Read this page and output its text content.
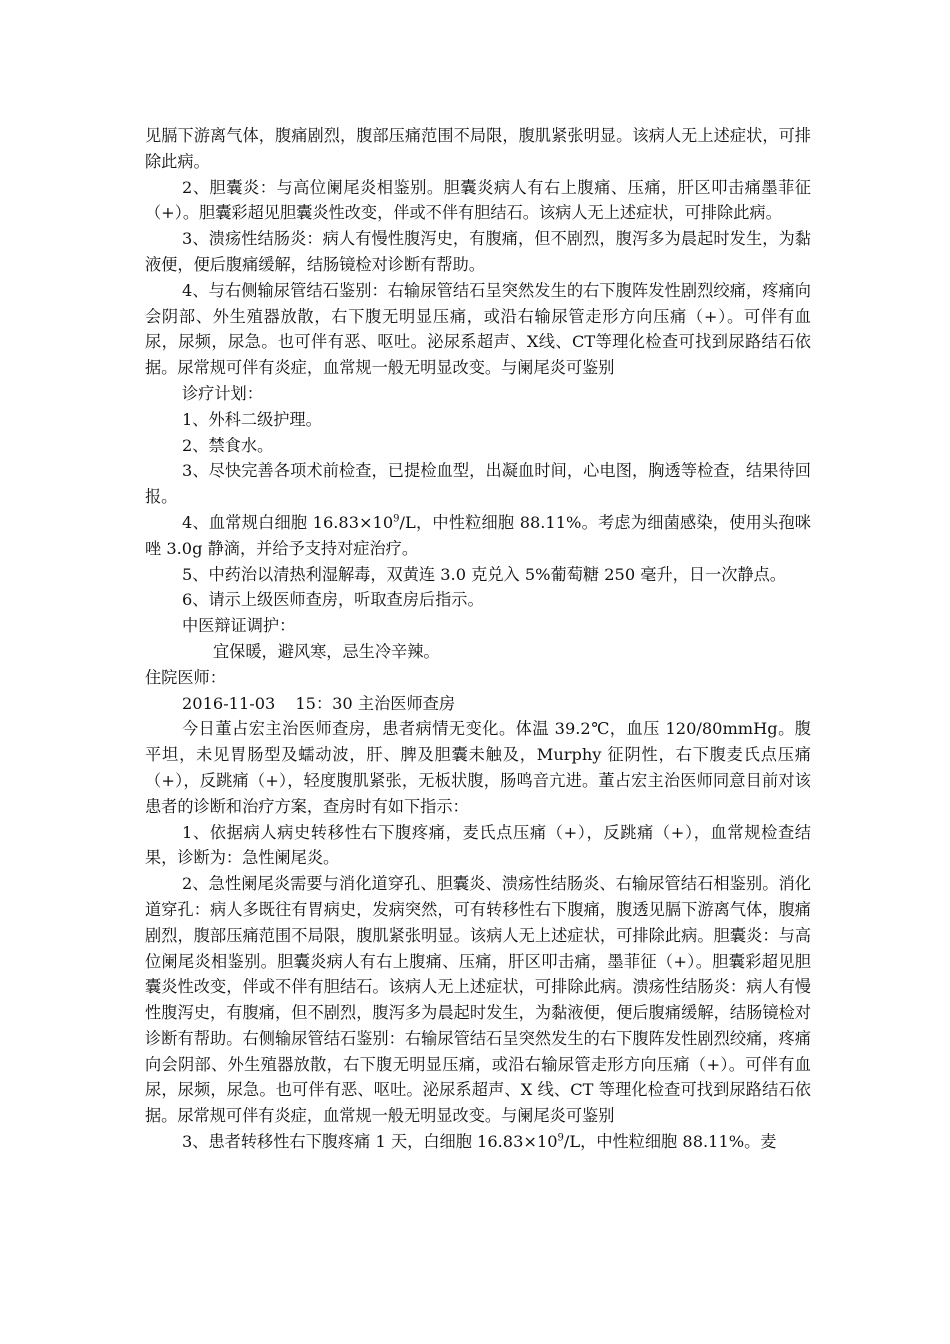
见膈下游离气体，腹痛剧烈，腹部压痛范围不局限，腹肌紧张明显。该病人无上述症状，可排除此病。

2、胆囊炎：与高位阑尾炎相鉴别。胆囊炎病人有右上腹痛、压痛，肝区叩击痛墨菲征（+）。胆囊彩超见胆囊炎性改变，伴或不伴有胆结石。该病人无上述症状，可排除此病。

3、溃疡性结肠炎：病人有慢性腹泻史，有腹痛，但不剧烈，腹泻多为晨起时发生，为黏液便，便后腹痛缓解，结肠镜检对诊断有帮助。

4、与右侧输尿管结石鉴别：右输尿管结石呈突然发生的右下腹阵发性剧烈绞痛，疼痛向会阴部、外生殖器放散，右下腹无明显压痛，或沿右输尿管走形方向压痛（+）。可伴有血尿，尿频，尿急。也可伴有恶、呕吐。泌尿系超声、X线、CT等理化检查可找到尿路结石依据。尿常规可伴有炎症，血常规一般无明显改变。与阑尾炎可鉴别

诊疗计划：

1、外科二级护理。

2、禁食水。

3、尽快完善各项术前检查，已提检血型，出凝血时间，心电图，胸透等检查，结果待回报。

4、血常规白细胞 $16.83\times 10^9/L$，中性粒细胞 88.11%。考虑为细菌感染，使用头孢咪唑 3.0g 静滴，并给予支持对症治疗。

5、中药治以清热利湿解毒，双黄连 3.0 克兑入 5%葡萄糖 250 毫升，日一次静点。

6、请示上级医师查房，听取查房后指示。

中医辩证调护：

宜保暖，避风寒，忌生冷辛辣。

住院医师：

2016-11-03 15：30 主治医师查房

今日董占宏主治医师查房，患者病情无变化。体温 39.2℃，血压 120/80mmHg。腹平坦，未见胃肠型及蠕动波，肝、脾及胆囊未触及，Murphy 征阴性，右下腹麦氏点压痛（+），反跳痛（+），轻度腹肌紧张，无板状腹，肠鸣音亢进。董占宏主治医师同意目前对该患者的诊断和治疗方案，查房时有如下指示：

1、依据病人病史转移性右下腹疼痛，麦氏点压痛（+），反跳痛（+），血常规检查结果，诊断为：急性阑尾炎。

2、急性阑尾炎需要与消化道穿孔、胆囊炎、溃疡性结肠炎、右输尿管结石相鉴别。消化道穿孔：病人多既往有胃病史，发病突然，可有转移性右下腹痛，腹透见膈下游离气体，腹痛剧烈，腹部压痛范围不局限，腹肌紧张明显。该病人无上述症状，可排除此病。胆囊炎：与高位阑尾炎相鉴别。胆囊炎病人有右上腹痛、压痛，肝区叩击痛，墨菲征（+）。胆囊彩超见胆囊炎性改变，伴或不伴有胆结石。该病人无上述症状，可排除此病。溃疡性结肠炎：病人有慢性腹泻史，有腹痛，但不剧烈，腹泻多为晨起时发生，为黏液便，便后腹痛缓解，结肠镜检对诊断有帮助。右侧输尿管结石鉴别：右输尿管结石呈突然发生的右下腹阵发性剧烈绞痛，疼痛向会阴部、外生殖器放散，右下腹无明显压痛，或沿右输尿管走形方向压痛（+）。可伴有血尿，尿频，尿急。也可伴有恶、呕吐。泌尿系超声、X 线、CT 等理化检查可找到尿路结石依据。尿常规可伴有炎症，血常规一般无明显改变。与阑尾炎可鉴别

3、患者转移性右下腹疼痛 1 天，白细胞 $16.83\times 10^9/L$，中性粒细胞 88.11%。麦
